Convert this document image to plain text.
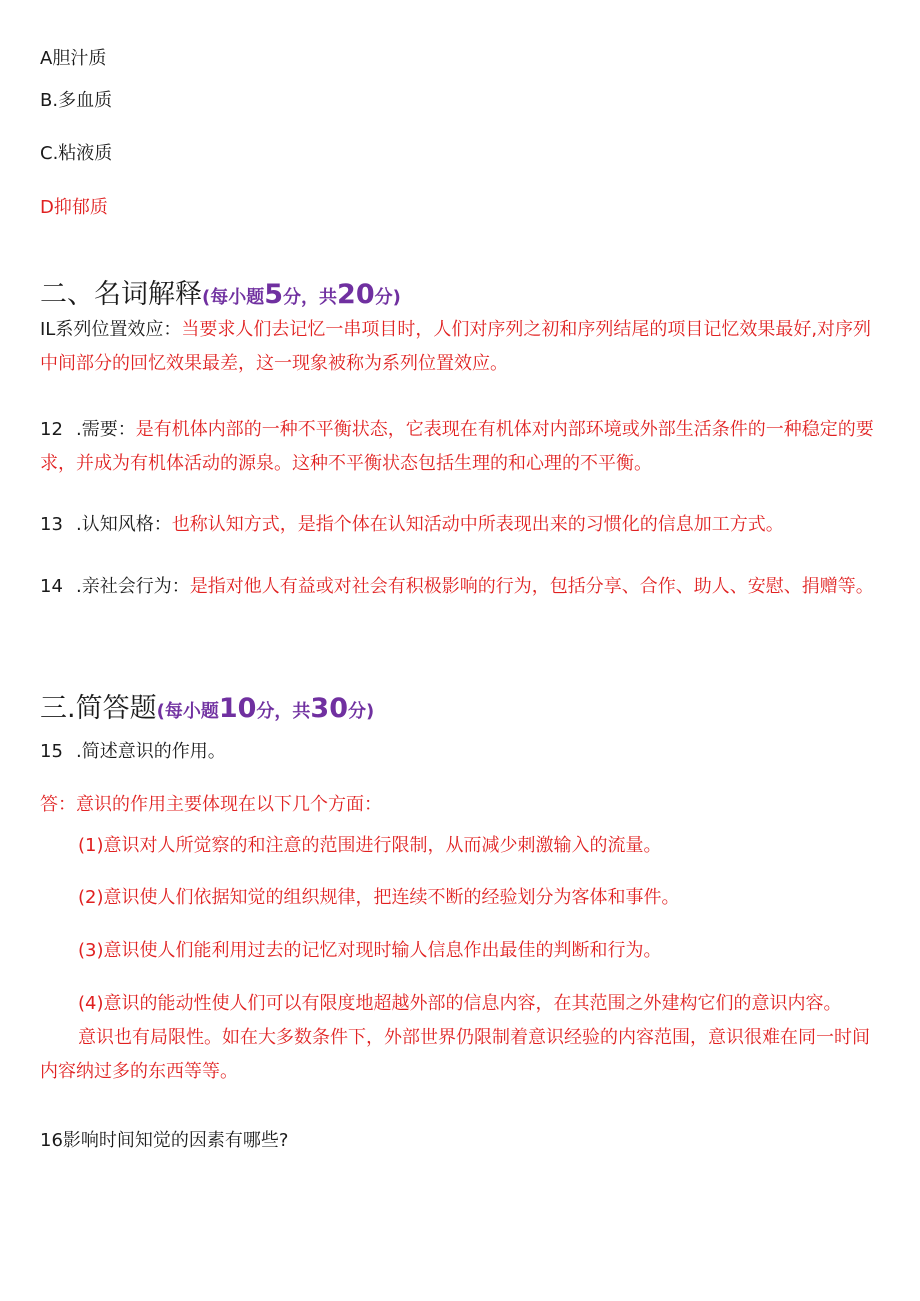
A胆汁质
B.多血质
C.粘液质
D抑郁质
二、名词解释(每小题5分，共20分)
IL系列位置效应：当要求人们去记忆一串项目时，人们对序列之初和序列结尾的项目记忆效果最好,对序列中间部分的回忆效果最差，这一现象被称为系列位置效应。
12 .需要：是有机体内部的一种不平衡状态，它表现在有机体对内部环境或外部生活条件的一种稳定的要求，并成为有机体活动的源泉。这种不平衡状态包括生理的和心理的不平衡。
13 .认知风格：也称认知方式，是指个体在认知活动中所表现出来的习惯化的信息加工方式。
14 .亲社会行为：是指对他人有益或对社会有积极影响的行为，包括分享、合作、助人、安慰、捐赠等。
三.简答题(每小题10分，共30分)
15 .简述意识的作用。
答：意识的作用主要体现在以下几个方面：
(1)意识对人所觉察的和注意的范围进行限制，从而减少刺激输入的流量。
(2)意识使人们依据知觉的组织规律，把连续不断的经验划分为客体和事件。
(3)意识使人们能利用过去的记忆对现时输人信息作出最佳的判断和行为。
(4)意识的能动性使人们可以有限度地超越外部的信息内容，在其范围之外建构它们的意识内容。
意识也有局限性。如在大多数条件下，外部世界仍限制着意识经验的内容范围，意识很难在同一时间内容纳过多的东西等等。
16影响时间知觉的因素有哪些?
